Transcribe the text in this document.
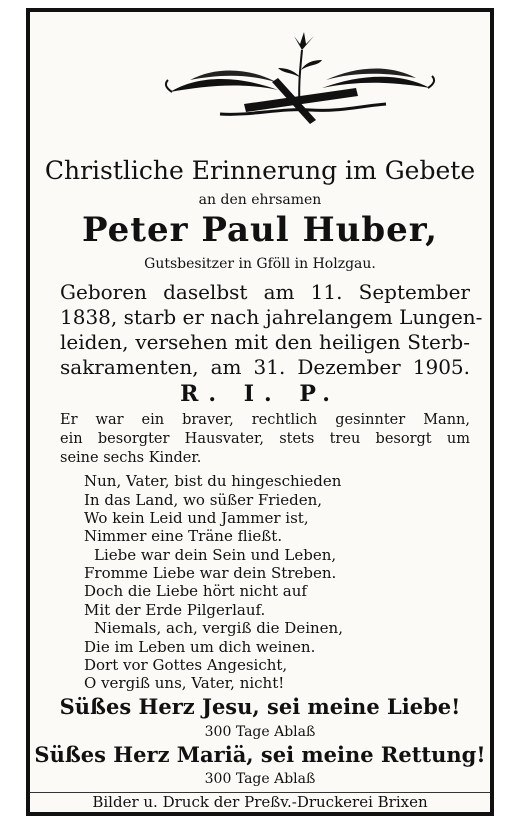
Christliche Erinnerung im Gebete
an den ehrsamen
Peter Paul Huber,
Gutsbesitzer in Gföll in Holzgau.
Geboren daselbst am 11. September
1838, starb er nach jahrelangem Lungen-
leiden, versehen mit den heiligen Sterb-
sakramenten, am 31. Dezember 1905.
R. I. P.
Er war ein braver, rechtlich gesinnter Mann,
ein besorgter Hausvater, stets treu besorgt um
seine sechs Kinder.
Nun, Vater, bist du hingeschieden
In das Land, wo süßer Frieden,
Wo kein Leid und Jammer ist,
Nimmer eine Träne fließt.
Liebe war dein Sein und Leben,
Fromme Liebe war dein Streben.
Doch die Liebe hört nicht auf
Mit der Erde Pilgerlauf.
Niemals, ach, vergiß die Deinen,
Die im Leben um dich weinen.
Dort vor Gottes Angesicht,
O vergiß uns, Vater, nicht!
Süßes Herz Jesu, sei meine Liebe!
300 Tage Ablaß
Süßes Herz Mariä, sei meine Rettung!
300 Tage Ablaß
Bilder u. Druck der Preßv.-Druckerei Brixen
